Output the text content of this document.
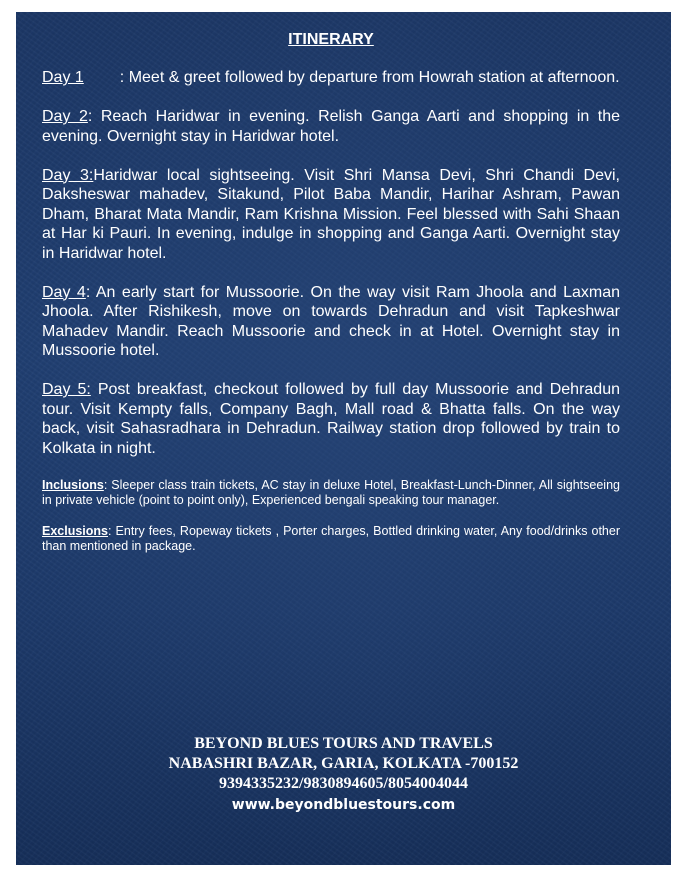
ITINERARY

Day 1 : Meet & greet followed by departure from Howrah station at afternoon.

Day 2: Reach Haridwar in evening. Relish Ganga Aarti and shopping in the evening. Overnight stay in Haridwar hotel.

Day 3:Haridwar local sightseeing. Visit Shri Mansa Devi, Shri Chandi Devi, Daksheswar mahadev, Sitakund, Pilot Baba Mandir, Harihar Ashram, Pawan Dham, Bharat Mata Mandir, Ram Krishna Mission. Feel blessed with Sahi Shaan at Har ki Pauri. In evening, indulge in shopping and Ganga Aarti. Overnight stay in Haridwar hotel.

Day 4: An early start for Mussoorie. On the way visit Ram Jhoola and Laxman Jhoola. After Rishikesh, move on towards Dehradun and visit Tapkeshwar Mahadev Mandir. Reach Mussoorie and check in at Hotel. Overnight stay in Mussoorie hotel.

Day 5: Post breakfast, checkout followed by full day Mussoorie and Dehradun tour. Visit Kempty falls, Company Bagh, Mall road & Bhatta falls. On the way back, visit Sahasradhara in Dehradun. Railway station drop followed by train to Kolkata in night.

Inclusions: Sleeper class train tickets, AC stay in deluxe Hotel, Breakfast-Lunch-Dinner, All sightseeing in private vehicle (point to point only), Experienced bengali speaking tour manager.

Exclusions: Entry fees, Ropeway tickets , Porter charges, Bottled drinking water, Any food/drinks other than mentioned in package.

BEYOND BLUES TOURS AND TRAVELS
NABASHRI BAZAR, GARIA, KOLKATA -700152
9394335232/9830894605/8054004044
www.beyondbluestours.com
